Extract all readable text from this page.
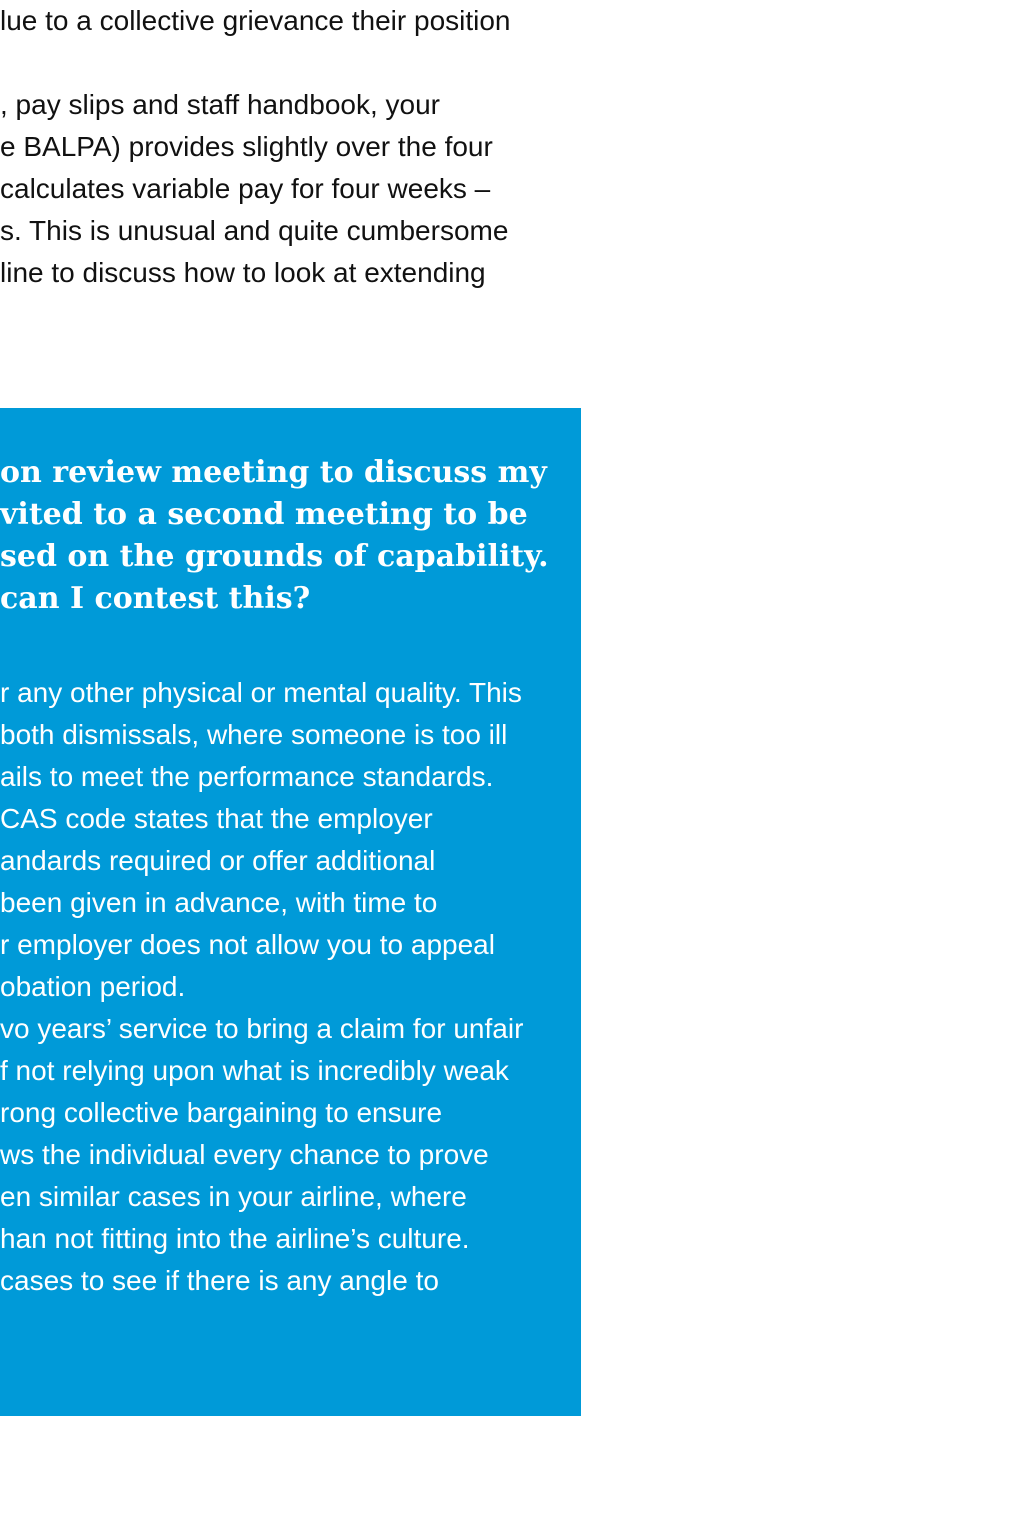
lue to a collective grievance their position
, pay slips and staff handbook, your
e BALPA) provides slightly over the four
calculates variable pay for four weeks –
s. This is unusual and quite cumbersome
line to discuss how to look at extending
on review meeting to discuss my
vited to a second meeting to be
sed on the grounds of capability.
can I contest this?
r any other physical or mental quality. This
both dismissals, where someone is too ill
ails to meet the performance standards.
CAS code states that the employer
andards required or offer additional
been given in advance, with time to
r employer does not allow you to appeal
obation period.
vo years’ service to bring a claim for unfair
f not relying upon what is incredibly weak
rong collective bargaining to ensure
ws the individual every chance to prove
en similar cases in your airline, where
han not fitting into the airline’s culture.
cases to see if there is any angle to
